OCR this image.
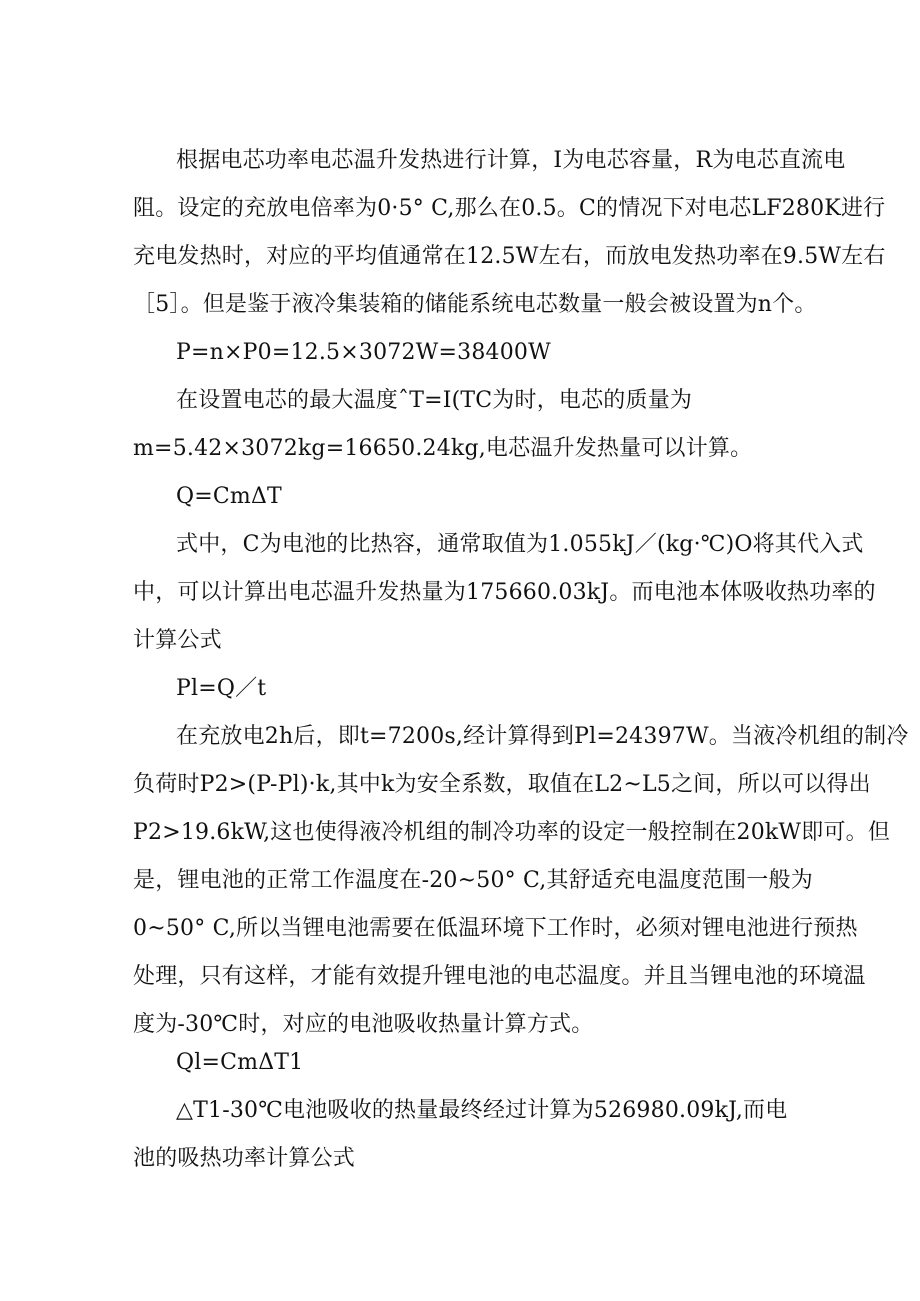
根据电芯功率电芯温升发热进行计算，I为电芯容量，R为电芯直流电
阻。设定的充放电倍率为0·5° C,那么在0.5。C的情况下对电芯LF280K进行
充电发热时，对应的平均值通常在12.5W左右，而放电发热功率在9.5W左右
［5］。但是鉴于液冷集装箱的储能系统电芯数量一般会被设置为n个。
P=n×P0=12.5×3072W=38400W
在设置电芯的最大温度ˆT=I(TC为时，电芯的质量为
m=5.42×3072kg=16650.24kg,电芯温升发热量可以计算。
Q=CmΔT
式中，C为电池的比热容，通常取值为1.055kJ／(kg·℃)O将其代入式
中，可以计算出电芯温升发热量为175660.03kJ。而电池本体吸收热功率的
计算公式
Pl=Q／t
在充放电2h后，即t=7200s,经计算得到Pl=24397W。当液冷机组的制冷
负荷时P2>(P-Pl)·k,其中k为安全系数，取值在L2~L5之间，所以可以得出
P2>19.6kW,这也使得液冷机组的制冷功率的设定一般控制在20kW即可。但
是，锂电池的正常工作温度在-20~50° C,其舒适充电温度范围一般为
0~50° C,所以当锂电池需要在低温环境下工作时，必须对锂电池进行预热
处理，只有这样，才能有效提升锂电池的电芯温度。并且当锂电池的环境温
度为-30℃时，对应的电池吸收热量计算方式。
Ql=CmΔT1
△T1-30℃电池吸收的热量最终经过计算为526980.09kJ,而电
池的吸热功率计算公式
